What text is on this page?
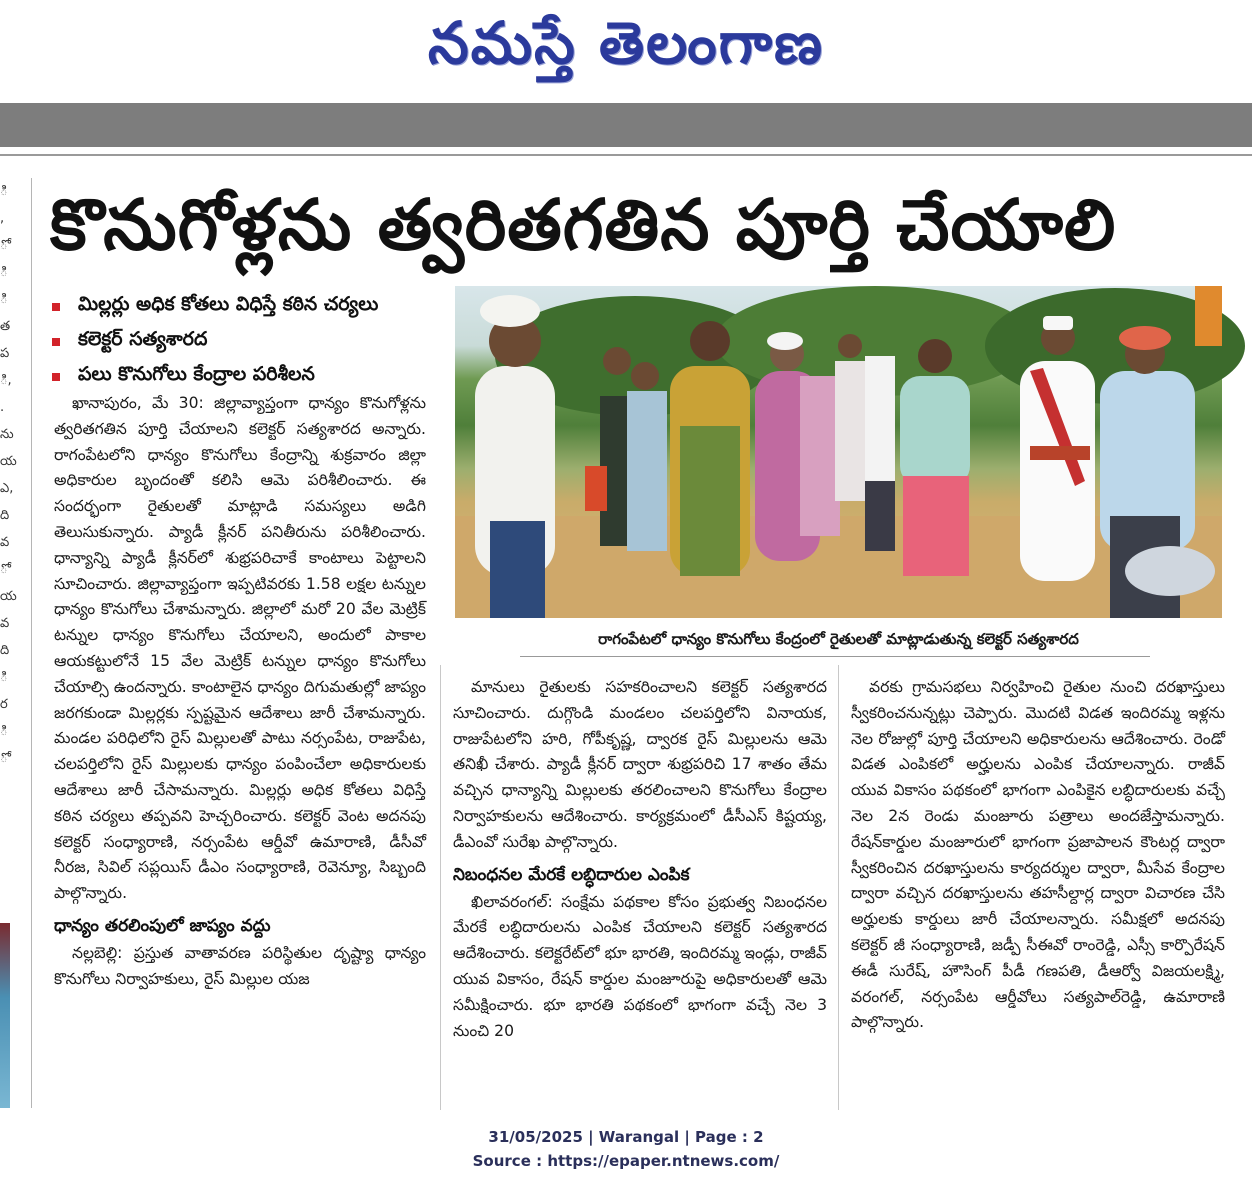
నమస్తే తెలంగాణ
ి
,
ో
ి
ి
త
ప
ి,
.
ను
య
ఎ,
ది
వ
ో
య
వ
ది
ి
ర
ి
ో
కొనుగోళ్లను త్వరితగతిన పూర్తి చేయాలి
మిల్లర్లు అధిక కోతలు విధిస్తే కఠిన చర్యలు
కలెక్టర్ సత్యశారద
పలు కొనుగోలు కేంద్రాల పరిశీలన

ఖానాపురం, మే 30: జిల్లావ్యాప్తంగా ధాన్యం కొనుగోళ్లను త్వరితగతిన పూర్తి చేయాలని కలెక్టర్ సత్యశారద అన్నారు. రాగంపేటలోని ధాన్యం కొనుగోలు కేంద్రాన్ని శుక్రవారం జిల్లా అధికారుల బృందంతో కలిసి ఆమె పరిశీలించారు. ఈ సందర్భంగా రైతులతో మాట్లాడి సమస్యలు అడిగి తెలుసుకున్నారు. ప్యాడీ క్లీనర్ పనితీరును పరిశీలించారు. ధాన్యాన్ని ప్యాడీ క్లీనర్‌లో శుభ్రపరిచాకే కాంటాలు పెట్టాలని సూచించారు. జిల్లావ్యాప్తంగా ఇప్పటివరకు 1.58 లక్షల టన్నుల ధాన్యం కొనుగోలు చేశామన్నారు. జిల్లాలో మరో 20 వేల మెట్రిక్ టన్నుల ధాన్యం కొనుగోలు చేయాలని, అందులో పాకాల ఆయకట్టులోనే 15 వేల మెట్రిక్ టన్నుల ధాన్యం కొనుగోలు చేయాల్సి ఉందన్నారు. కాంటాలైన ధాన్యం దిగుమతుల్లో జాప్యం జరగకుండా మిల్లర్లకు స్పష్టమైన ఆదేశాలు జారీ చేశామన్నారు. మండల పరిధిలోని రైస్ మిల్లులతో పాటు నర్సంపేట, రాజుపేట, చలపర్తిలోని రైస్ మిల్లులకు ధాన్యం పంపించేలా అధికారులకు ఆదేశాలు జారీ చేసామన్నారు. మిల్లర్లు అధిక కోతలు విధిస్తే కఠిన చర్యలు తప్పవని హెచ్చరించారు. కలెక్టర్ వెంట అదనపు కలెక్టర్ సంధ్యారాణి, నర్సంపేట ఆర్డీవో ఉమారాణి, డీసీవో నీరజ, సివిల్ సప్లయిస్ డీఎం సంధ్యారాణి, రెవెన్యూ, సిబ్బంది పాల్గొన్నారు.

ధాన్యం తరలింపులో జాప్యం వద్దు

నల్లబెల్లి: ప్రస్తుత వాతావరణ పరిస్థితుల దృష్ట్యా ధాన్యం కొనుగోలు నిర్వాహకులు, రైస్ మిల్లుల యజ

రాగంపేటలో ధాన్యం కొనుగోలు కేంద్రంలో రైతులతో మాట్లాడుతున్న కలెక్టర్ సత్యశారద

మానులు రైతులకు సహకరించాలని కలెక్టర్ సత్యశారద సూచించారు. దుగ్గొండి మండలం చలపర్తిలోని వినాయక, రాజుపేటలోని హరి, గోపీకృష్ణ, ద్వారక రైస్ మిల్లులను ఆమె తనిఖీ చేశారు. ప్యాడీ క్లీనర్ ద్వారా శుభ్రపరిచి 17 శాతం తేమ వచ్చిన ధాన్యాన్ని మిల్లులకు తరలించాలని కొనుగోలు కేంద్రాల నిర్వాహకులను ఆదేశించారు. కార్యక్రమంలో డీసీఎస్ కిష్టయ్య, డీఎంవో సురేఖ పాల్గొన్నారు.

నిబంధనల మేరకే లబ్ధిదారుల ఎంపిక

ఖిలావరంగల్: సంక్షేమ పథకాల కోసం ప్రభుత్వ నిబంధనల మేరకే లబ్ధిదారులను ఎంపిక చేయాలని కలెక్టర్ సత్యశారద ఆదేశించారు. కలెక్టరేట్‌లో భూ భారతి, ఇందిరమ్మ ఇండ్లు, రాజీవ్ యువ వికాసం, రేషన్ కార్డుల మంజూరుపై అధికారులతో ఆమె సమీక్షించారు. భూ భారతి పథకంలో భాగంగా వచ్చే నెల 3 నుంచి 20

వరకు గ్రామసభలు నిర్వహించి రైతుల నుంచి దరఖాస్తులు స్వీకరించనున్నట్లు చెప్పారు. మొదటి విడత ఇందిరమ్మ ఇళ్లను నెల రోజుల్లో పూర్తి చేయాలని అధికారులను ఆదేశించారు. రెండో విడత ఎంపికలో అర్హులను ఎంపిక చేయాలన్నారు. రాజీవ్ యువ వికాసం పథకంలో భాగంగా ఎంపికైన లబ్ధిదారులకు వచ్చే నెల 2న రెండు మంజూరు పత్రాలు అందజేస్తామన్నారు. రేషన్‌కార్డుల మంజూరులో భాగంగా ప్రజాపాలన కౌంటర్ల ద్వారా స్వీకరించిన దరఖాస్తులను కార్యదర్శుల ద్వారా, మీసేవ కేంద్రాల ద్వారా వచ్చిన దరఖాస్తులను తహసీల్దార్ల ద్వారా విచారణ చేసి అర్హులకు కార్డులు జారీ చేయాలన్నారు. సమీక్షలో అదనపు కలెక్టర్ జీ సంధ్యారాణి, జడ్పీ సీఈవో రాంరెడ్డి, ఎస్సీ కార్పొరేషన్ ఈడీ సురేష్, హౌసింగ్ పీడీ గణపతి, డీఆర్వో విజయలక్ష్మి, వరంగల్, నర్సంపేట ఆర్డీవోలు సత్యపాల్‌రెడ్డి, ఉమారాణి పాల్గొన్నారు.

31/05/2025 | Warangal | Page : 2
Source : https://epaper.ntnews.com/
